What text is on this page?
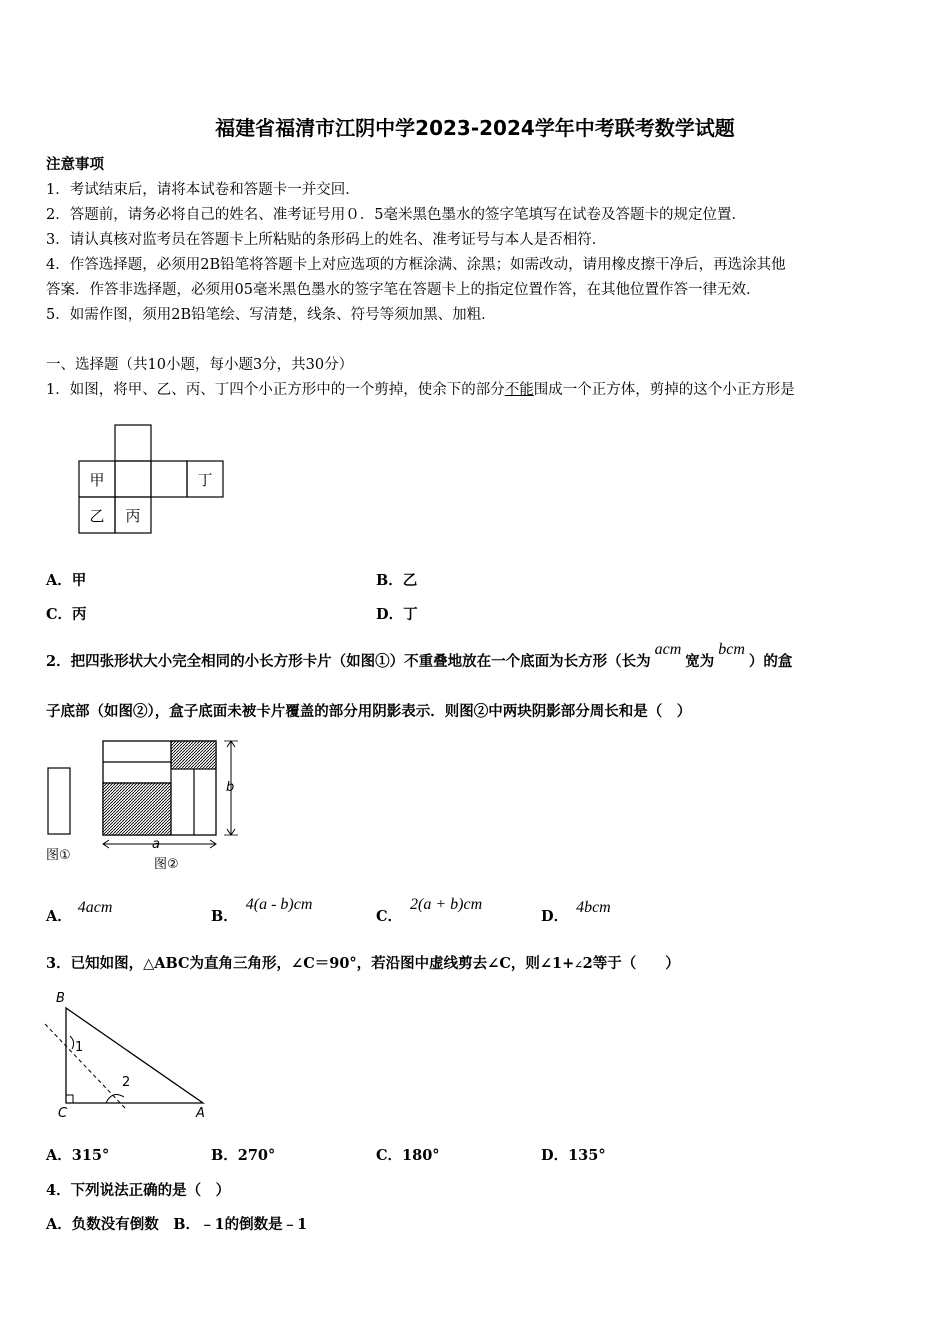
福建省福清市江阴中学2023-2024学年中考联考数学试题
注意事项
1．考试结束后，请将本试卷和答题卡一并交回．
2．答题前，请务必将自己的姓名、准考证号用０．5毫米黑色墨水的签字笔填写在试卷及答题卡的规定位置．
3．请认真核对监考员在答题卡上所粘贴的条形码上的姓名、准考证号与本人是否相符．
4．作答选择题，必须用2B铅笔将答题卡上对应选项的方框涂满、涂黑；如需改动，请用橡皮擦干净后，再选涂其他
答案．作答非选择题，必须用05毫米黑色墨水的签字笔在答题卡上的指定位置作答，在其他位置作答一律无效．
5．如需作图，须用2B铅笔绘、写清楚，线条、符号等须加黑、加粗．
一、选择题（共10小题，每小题3分，共30分）
1．如图，将甲、乙、丙、丁四个小正方形中的一个剪掉，使余下的部分不能围成一个正方体，剪掉的这个小正方形是
甲	丁
乙 丙
A．甲	B．乙
C．丙	D．丁
2．把四张形状大小完全相同的小长方形卡片（如图①）不重叠地放在一个底面为长方形（长为acm宽为bcm）的盒
子底部（如图②），盒子底面未被卡片覆盖的部分用阴影表示．则图②中两块阴影部分周长和是（　）
图①
b
a
图②
A．4acm
B．4(a - b)cm
C．2(a + b)cm
D．4bcm
3．已知如图，△ABC为直角三角形，∠C＝90°，若沿图中虚线剪去∠C，则∠1+∠2等于（　　）
B
C	A
1
2
A．315°	B．270°	C．180°	D．135°
4．下列说法正确的是（　）
A．负数没有倒数　B．﹣1的倒数是﹣1
